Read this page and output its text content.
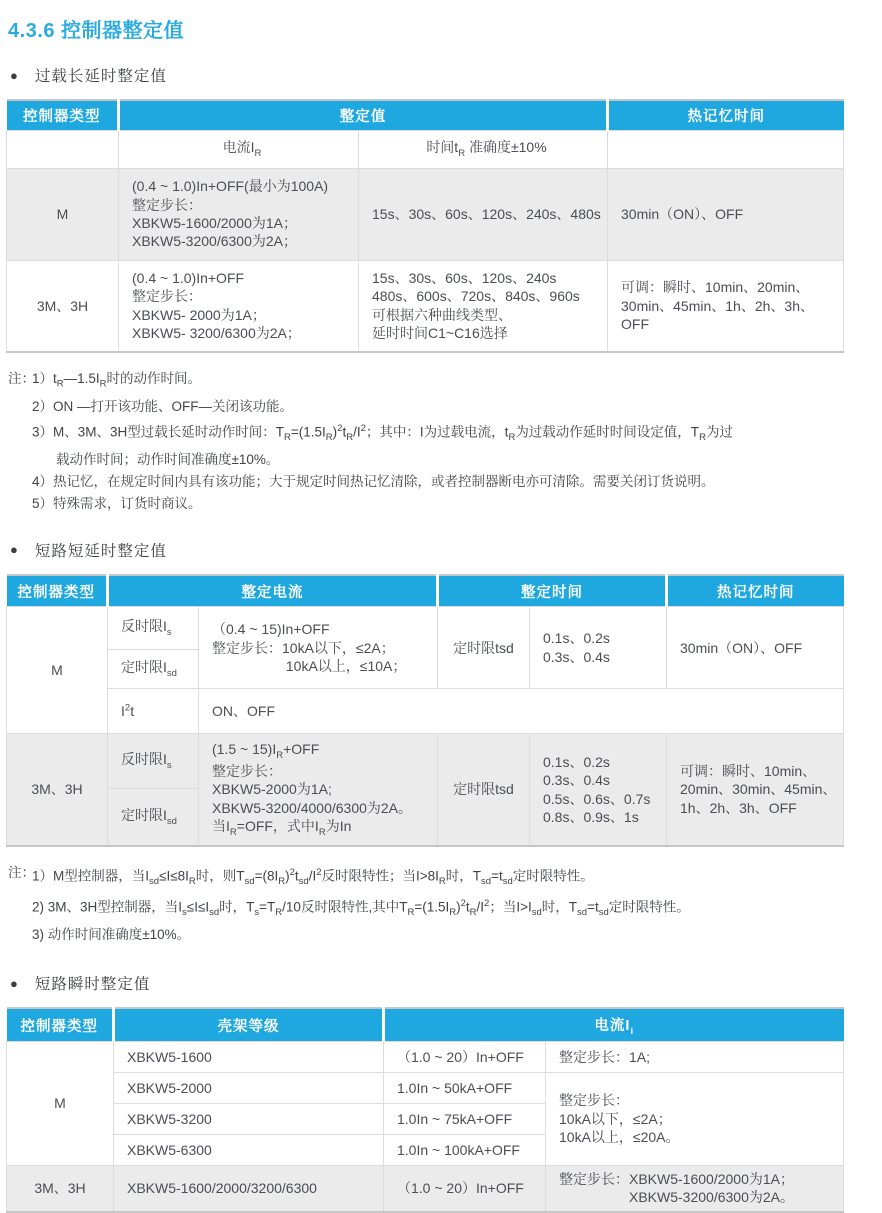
4.3.6 控制器整定值
● 过载长延时整定值
控制器类型	整定值		热记忆时间
	电流$I_R$	时间$t_R$ 准确度±10%	
M	(0.4 ~ 1.0)In+OFF(最小为100A)
整定步长：
XBKW5-1600/2000为1A；
XBKW5-3200/6300为2A；	15s、30s、60s、120s、240s、480s	30min（ON）、OFF
3M、3H	(0.4 ~ 1.0)In+OFF
整定步长：
XBKW5- 2000为1A；
XBKW5- 3200/6300为2A；	15s、30s、60s、120s、240s
480s、600s、720s、840s、960s
可根据六种曲线类型、
延时时间C1~C16选择	可调：瞬时、10min、20min、
30min、45min、1h、2h、3h、OFF
注：
$1)t_R—1.5I_R$时的动作时间。
2）ON —打开该功能、OFF—关闭该功能。
3）M、3M、3H型过载长延时动作时间：$T_R=(1.5I_R)^2t_R/I^2$；其中：I为过载电流，$t_R$为过载动作延时时间设定值，$T_R$为过
载动作时间；动作时间准确度±10%。
4）热记忆，在规定时间内具有该功能；大于规定时间热记忆清除，或者控制器断电亦可清除。需要关闭订货说明。
5）特殊需求，订货时商议。
● 短路短延时整定值
控制器类型	整定电流		整定时间		热记忆时间
M	反时限$I_s$	（0.4 ~ 15)In+OFF
整定步长：10kA以下，≤2A；
　　　　　 10kA以上，≤10A；	定时限tsd	0.1s、0.2s
0.3s、0.4s	30min（ON）、OFF
	定时限$I_{sd}$
	$I^2t$	ON、OFF			
3M、3H	反时限$I_s$	(1.5 ~ $15)I_R+OFF$
整定步长：
XBKW5-2000为1A;
XBKW5-3200/4000/6300为2A。
当$I_R=OFF$，式中$I_R$为In	定时限tsd	0.1s、0.2s
0.3s、0.4s
0.5s、0.6s、0.7s
0.8s、0.9s、1s	可调：瞬时、10min、
20min、30min、45min、
1h、2h、3h、OFF
	定时限$I_{sd}$
注：
1）M型控制器，当$I_{sd}\le I\le 8I_R$时，则$T_{sd}=(8I_R)^2t_{sd}/I^2$反时限特性；当$I>8I_R$时，$T_{sd}=t_{sd}$定时限特性。
2) 3M、3H型控制器，当$I_s\le I\le I_{sd}$时，$T_s=T_R/10$反时限特性,其中$T_R=(1.5I_R)^2t_R/I^2$；当$I>I_{sd}$时，$T_{sd}=t_{sd}$定时限特性。
3) 动作时间准确度±10%。
● 短路瞬时整定值
控制器类型	壳架等级	电流$I_i$
M	XBKW5-1600	（1.0 ~ 20）In+OFF	整定步长：1A;
	XBKW5-2000	1.0In ~ 50kA+OFF	整定步长：
10kA以下，≤2A；
10kA以上，≤20A。
	XBKW5-3200	1.0In ~ 75kA+OFF	
	XBKW5-6300	1.0In ~ 100kA+OFF	
3M、3H	XBKW5-1600/2000/3200/6300	（1.0 ~ 20）In+OFF	整定步长：XBKW5-1600/2000为1A；
　　　　　XBKW5-3200/6300为2A。
